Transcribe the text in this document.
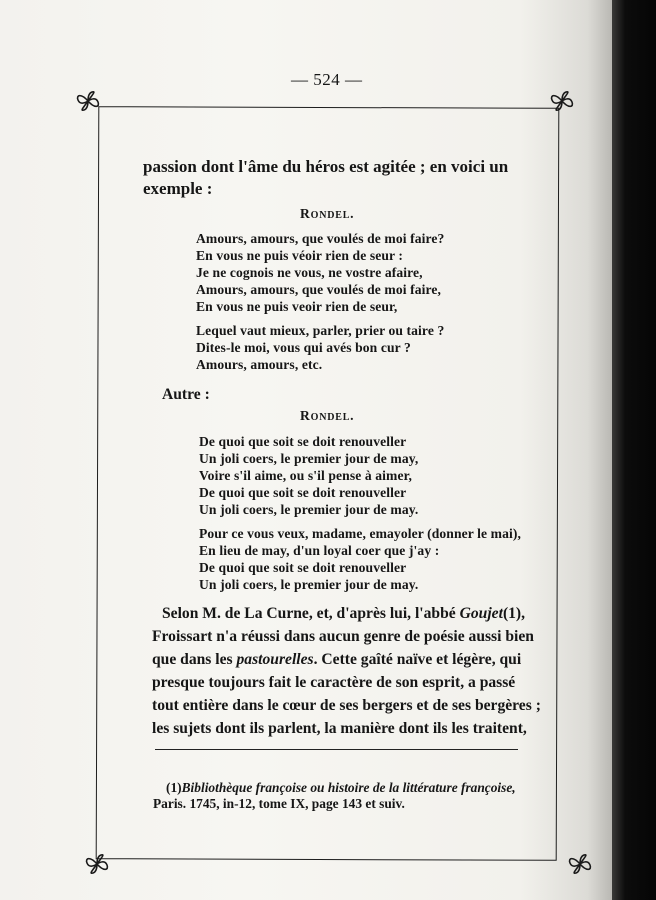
— 524 —
passion dont l'âme du héros est agitée ; en voici un
exemple :
Rondel.
Amours, amours, que voulés de moi faire?
En vous ne puis véoir rien de seur :
Je ne cognois ne vous, ne vostre afaire,
Amours, amours, que voulés de moi faire,
En vous ne puis veoir rien de seur,
Lequel vaut mieux, parler, prier ou taire ?
Dites-le moi, vous qui avés bon cur ?
Amours, amours, etc.
Autre :
Rondel.
De quoi que soit se doit renouveller
Un joli coers, le premier jour de may,
Voire s'il aime, ou s'il pense à aimer,
De quoi que soit se doit renouveller
Un joli coers, le premier jour de may.
Pour ce vous veux, madame, emayoler (donner le mai),
En lieu de may, d'un loyal coer que j'ay :
De quoi que soit se doit renouveller
Un joli coers, le premier jour de may.
Selon M. de La Curne, et, d'après lui, l'abbé Goujet(1),
Froissart n'a réussi dans aucun genre de poésie aussi bien
que dans les pastourelles. Cette gaîté naïve et légère, qui
presque toujours fait le caractère de son esprit, a passé
tout entière dans le cœur de ses bergers et de ses bergères ;
les sujets dont ils parlent, la manière dont ils les traitent,
(1)Bibliothèque françoise ou histoire de la littérature françoise,
Paris. 1745, in-12, tome IX, page 143 et suiv.
